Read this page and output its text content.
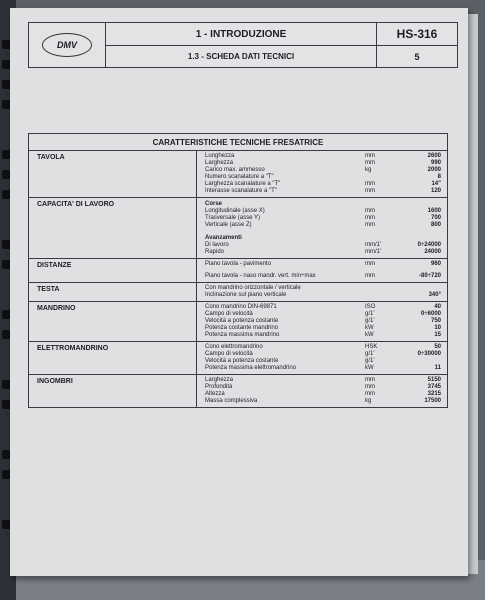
DMV
1 - INTRODUZIONE
1.3 - SCHEDA DATI TECNICI
HS-316
5
CARATTERISTICHE TECNICHE FRESATRICE
TAVOLA	Lunghezza	mm	2600
Larghezza	mm	990
Carico max. ammesso	kg	2000
Numero scanalature a "T"	8
Larghezza scanalature a "T"	mm	14"
Interasse scanalature a "T"	mm	120
CAPACITA' DI LAVORO	Corse
Longitudinale (asse X)	mm	1600
Trasversale (asse Y)	mm	700
Verticale (asse Z)	mm	800
Avanzamenti
Di lavoro	mm/1'	0÷24000
Rapido	mm/1'	24000
DISTANZE	Piano tavola - pavimento	mm	960
Piano tavola - naso mandr. vert. min÷max	mm	-80÷720
TESTA	Con mandrino orizzontale / verticale
Inclinazione sul piano verticale	340°
MANDRINO	Cono mandrino DIN-69871	ISO	40
Campo di velocità	g/1'	0÷6000
Velocità a potenza costante	g/1'	750
Potenza costante mandrino	kW	10
Potenza massima mandrino	kW	15
ELETTROMANDRINO	Cono elettromandrino	HSK	50
Campo di velocità	g/1'	0÷30000
Velocità a potenza costante	g/1'
Potenza massima elettromandrino	kW	11
INGOMBRI	Larghezza	mm	5150
Profondità	mm	3745
Altezza	mm	3215
Massa complessiva	kg	17500
